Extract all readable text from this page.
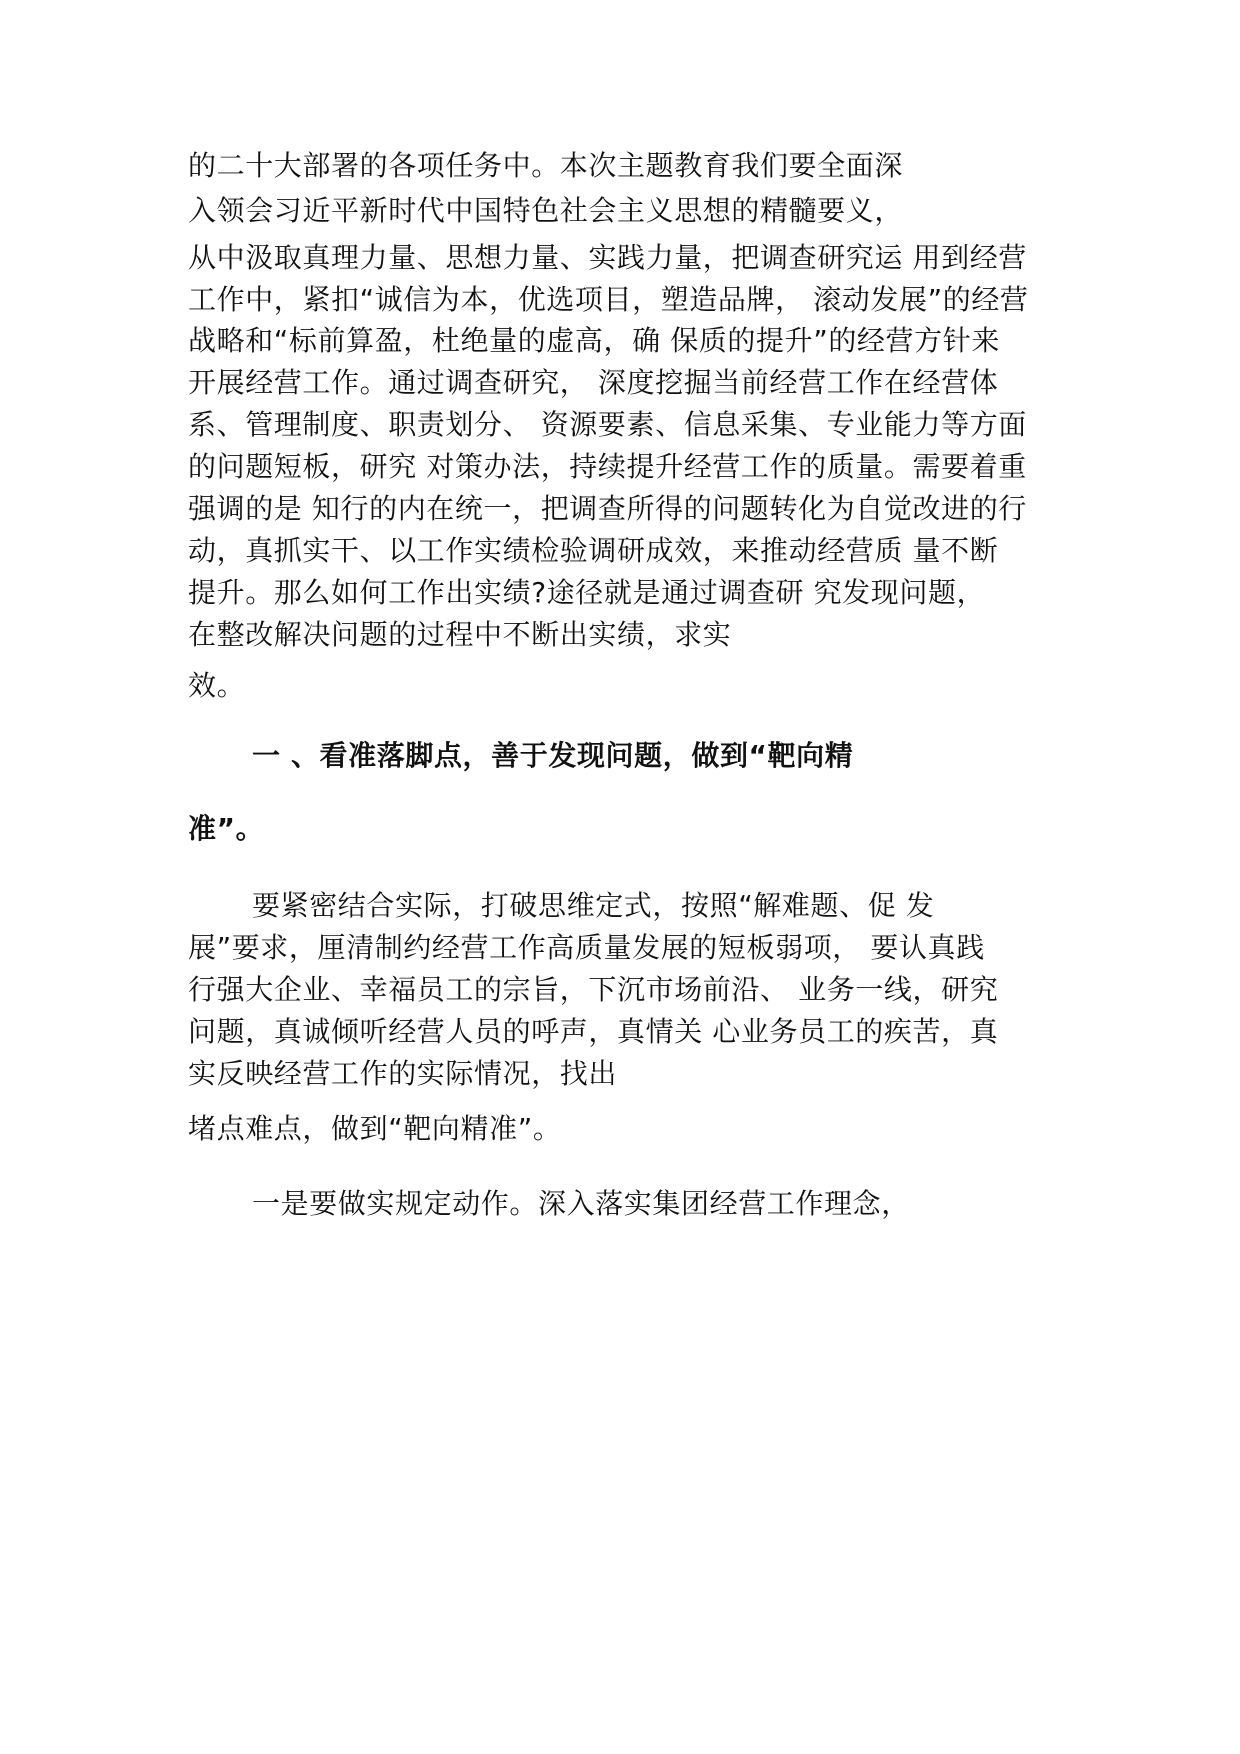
的二十大部署的各项任务中。本次主题教育我们要全面深

入领会习近平新时代中国特色社会主义思想的精髓要义，

从中汲取真理力量、思想力量、实践力量，把调查研究运 用到经营

工作中，紧扣“诚信为本，优选项目，塑造品牌， 滚动发展”的经营

战略和“标前算盈，杜绝量的虚高，确 保质的提升”的经营方针来

开展经营工作。通过调查研究， 深度挖掘当前经营工作在经营体

系、管理制度、职责划分、 资源要素、信息采集、专业能力等方面

的问题短板，研究 对策办法，持续提升经营工作的质量。需要着重

强调的是 知行的内在统一，把调查所得的问题转化为自觉改进的行

动，真抓实干、以工作实绩检验调研成效，来推动经营质 量不断

提升。那么如何工作出实绩?途径就是通过调查研 究发现问题，

在整改解决问题的过程中不断出实绩，求实

效。

一 、看准落脚点，善于发现问题，做到“靶向精

准”。

要紧密结合实际，打破思维定式，按照“解难题、促 发

展”要求，厘清制约经营工作高质量发展的短板弱项， 要认真践

行强大企业、幸福员工的宗旨，下沉市场前沿、 业务一线，研究

问题，真诚倾听经营人员的呼声，真情关 心业务员工的疾苦，真

实反映经营工作的实际情况，找出

堵点难点，做到“靶向精准”。

一是要做实规定动作。深入落实集团经营工作理念，
